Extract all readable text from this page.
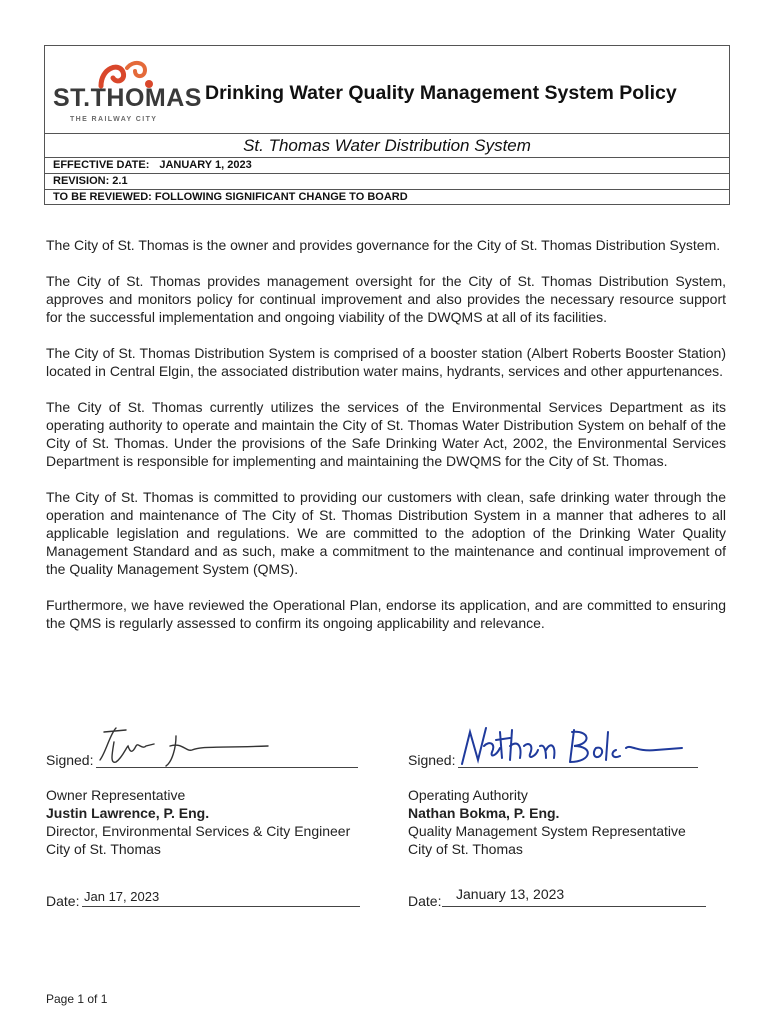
ST.THOMAS
THE RAILWAY CITY
Drinking Water Quality Management System Policy
St. Thomas Water Distribution System
EFFECTIVE DATE: JANUARY 1, 2023
REVISION: 2.1
TO BE REVIEWED: FOLLOWING SIGNIFICANT CHANGE TO BOARD

The City of St. Thomas is the owner and provides governance for the City of St. Thomas Distribution System.

The City of St. Thomas provides management oversight for the City of St. Thomas Distribution System, approves and monitors policy for continual improvement and also provides the necessary resource support for the successful implementation and ongoing viability of the DWQMS at all of its facilities.

The City of St. Thomas Distribution System is comprised of a booster station (Albert Roberts Booster Station) located in Central Elgin, the associated distribution water mains, hydrants, services and other appurtenances.

The City of St. Thomas currently utilizes the services of the Environmental Services Department as its operating authority to operate and maintain the City of St. Thomas Water Distribution System on behalf of the City of St. Thomas. Under the provisions of the Safe Drinking Water Act, 2002, the Environmental Services Department is responsible for implementing and maintaining the DWQMS for the City of St. Thomas.

The City of St. Thomas is committed to providing our customers with clean, safe drinking water through the operation and maintenance of The City of St. Thomas Distribution System in a manner that adheres to all applicable legislation and regulations. We are committed to the adoption of the Drinking Water Quality Management Standard and as such, make a commitment to the maintenance and continual improvement of the Quality Management System (QMS).

Furthermore, we have reviewed the Operational Plan, endorse its application, and are committed to ensuring the QMS is regularly assessed to confirm its ongoing applicability and relevance.

Signed:
Owner Representative
Justin Lawrence, P. Eng.
Director, Environmental Services & City Engineer
City of St. Thomas
Date: Jan 17, 2023
Signed:
Operating Authority
Nathan Bokma, P. Eng.
Quality Management System Representative
City of St. Thomas
Date: January 13, 2023
Page 1 of 1
